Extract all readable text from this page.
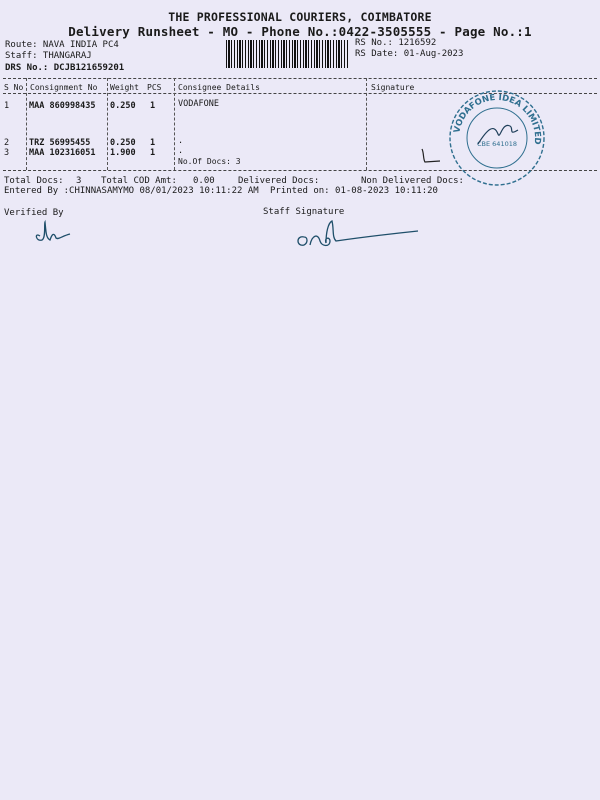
THE PROFESSIONAL COURIERS, COIMBATORE
Delivery Runsheet - MO - Phone No.:0422-3505555 - Page No.:1
Route: NAVA INDIA PC4
Staff: THANGARAJ
DRS No.: DCJB121659201
RS No.: 1216592
RS Date: 01-Aug-2023
S No Consignment No Weight PCS Consignee Details	Signature
1 MAA 860998435 0.250 1	VODAFONE
2 TRZ 56995455 0.250 1	.
3 MAA 102316051 1.900 1	.
No.Of Docs: 3
VODAFONE IDEA LIMITED
CBE 641018
Total Docs: 3 Total COD Amt: 0.00	Delivered Docs:	Non Delivered Docs:
Entered By :CHINNASAMYMO 08/01/2023 10:11:22 AM Printed on: 01-08-2023 10:11:20
Verified By	Staff Signature
